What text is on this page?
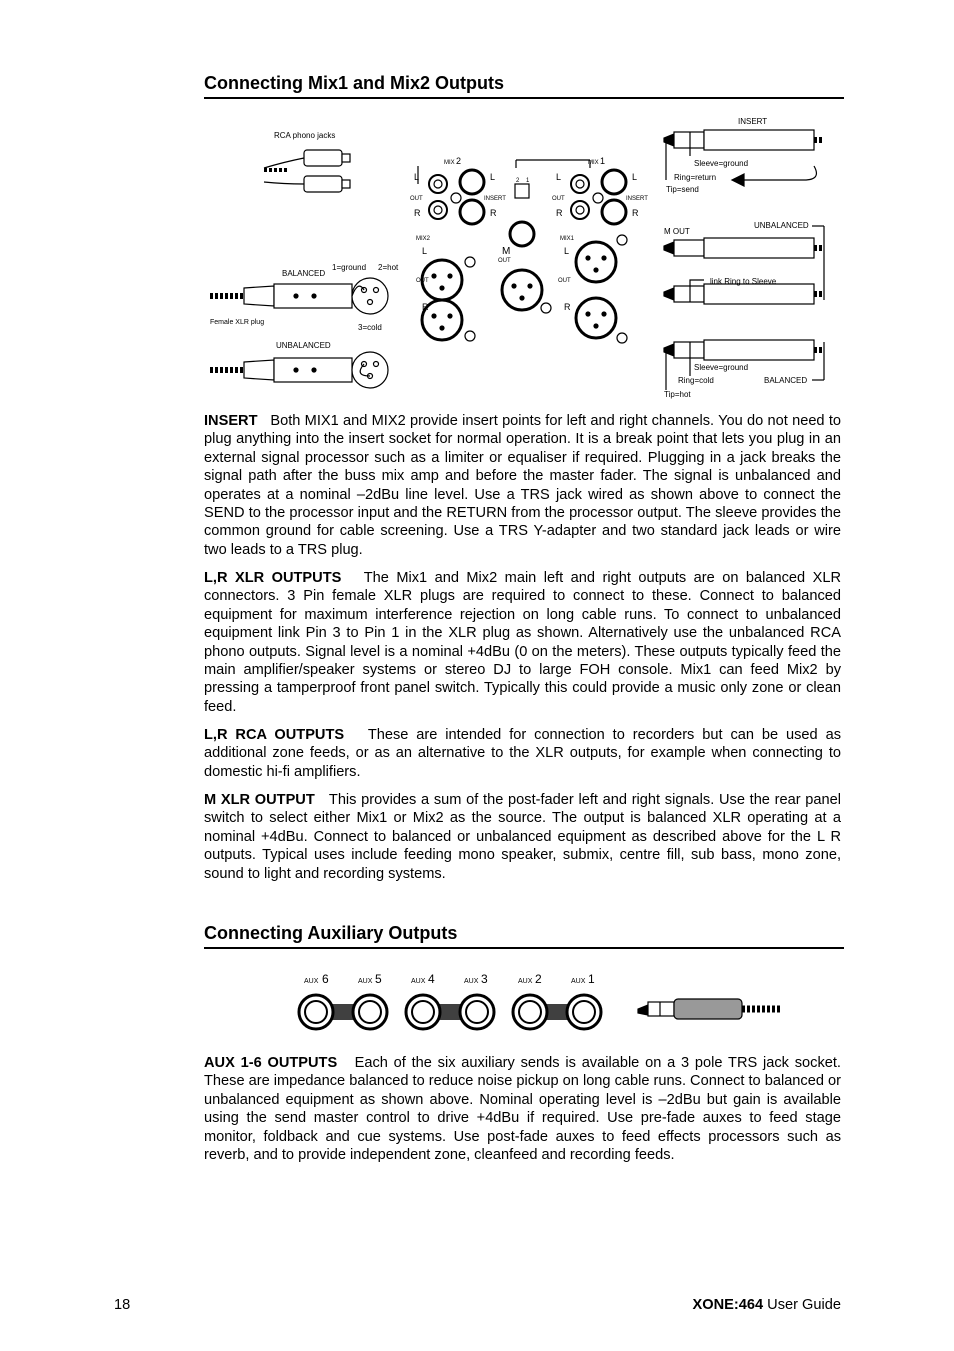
Connecting Mix1 and Mix2 Outputs
RCA phono jacks
BALANCED
1=ground 2=hot
3=cold
Female XLR plug
UNBALANCED
MIX 2	MIX 1
L
OUT
R
L
INSERT
R
2 1	L
OUT
R
L
INSERT
R
MIX2
L
OUT
R
M
OUT
MIX1
L
OUT
R
INSERT
Sleeve=ground
Ring=return
Tip=send
M OUT
UNBALANCED
link Ring to Sleeve
Sleeve=ground
Ring=cold
Tip=hot
BALANCED

INSERT Both MIX1 and MIX2 provide insert points for left and right channels. You do not need to plug anything into the insert socket for normal operation. It is a break point that lets you plug in an external signal processor such as a limiter or equaliser if required. Plugging in a jack breaks the signal path after the buss mix amp and before the master fader. The signal is unbalanced and operates at a nominal –2dBu line level. Use a TRS jack wired as shown above to connect the SEND to the processor input and the RETURN from the processor output. The sleeve provides the common ground for cable screening. Use a TRS Y-adapter and two standard jack leads or wire two leads to a TRS plug.

L,R XLR OUTPUTS The Mix1 and Mix2 main left and right outputs are on balanced XLR connectors. 3 Pin female XLR plugs are required to connect to these. Connect to balanced equipment for maximum interference rejection on long cable runs. To connect to unbalanced equipment link Pin 3 to Pin 1 in the XLR plug as shown. Alternatively use the unbalanced RCA phono outputs. Signal level is a nominal +4dBu (0 on the meters). These outputs typically feed the main amplifier/speaker systems or stereo DJ to large FOH console. Mix1 can feed Mix2 by pressing a tamperproof front panel switch. Typically this could provide a music only zone or clean feed.

L,R RCA OUTPUTS These are intended for connection to recorders but can be used as additional zone feeds, or as an alternative to the XLR outputs, for example when connecting to domestic hi-fi amplifiers.

M XLR OUTPUT This provides a sum of the post-fader left and right signals. Use the rear panel switch to select either Mix1 or Mix2 as the source. The output is balanced XLR operating at a nominal +4dBu. Connect to balanced or unbalanced equipment as described above for the L R outputs. Typical uses include feeding mono speaker, submix, centre fill, sub bass, mono zone, sound to light and recording systems.

Connecting Auxiliary Outputs
AUX 6	AUX 5	AUX 4	AUX 3	AUX 2	AUX 1

AUX 1-6 OUTPUTS Each of the six auxiliary sends is available on a 3 pole TRS jack socket. These are impedance balanced to reduce noise pickup on long cable runs. Connect to balanced or unbalanced equipment as shown above. Nominal operating level is –2dBu but gain is available using the send master control to drive +4dBu if required. Use pre-fade auxes to feed stage monitor, foldback and cue systems. Use post-fade auxes to feed effects processors such as reverb, and to provide independent zone, cleanfeed and recording feeds.

18	XONE:464 User Guide
